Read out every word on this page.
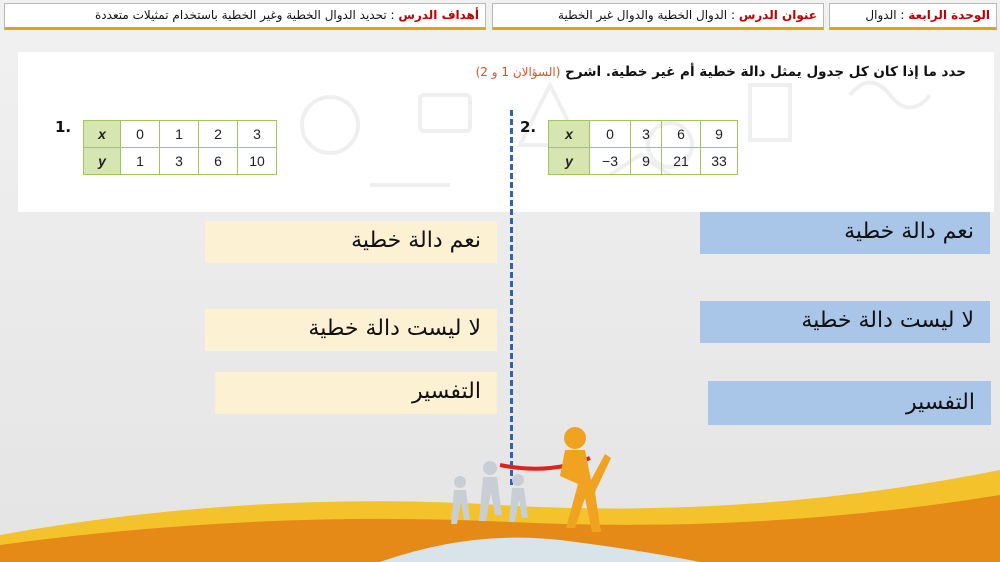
الوحدة الرابعة : الدوال
عنوان الدرس : الدوال الخطية والدوال غير الخطية
أهداف الدرس : تحديد الدوال الخطية وغير الخطية باستخدام تمثيلات متعددة
حدد ما إذا كان كل جدول يمثل دالة خطية أم غير خطية. اشرح (السؤالان 1 و 2)
1. x	0	1	2	3
y	1	3	6	10
2. x	0	3	6	9
y	−3	9	21	33
نعم دالة خطية
لا ليست دالة خطية
التفسير
نعم دالة خطية
لا ليست دالة خطية
التفسير
